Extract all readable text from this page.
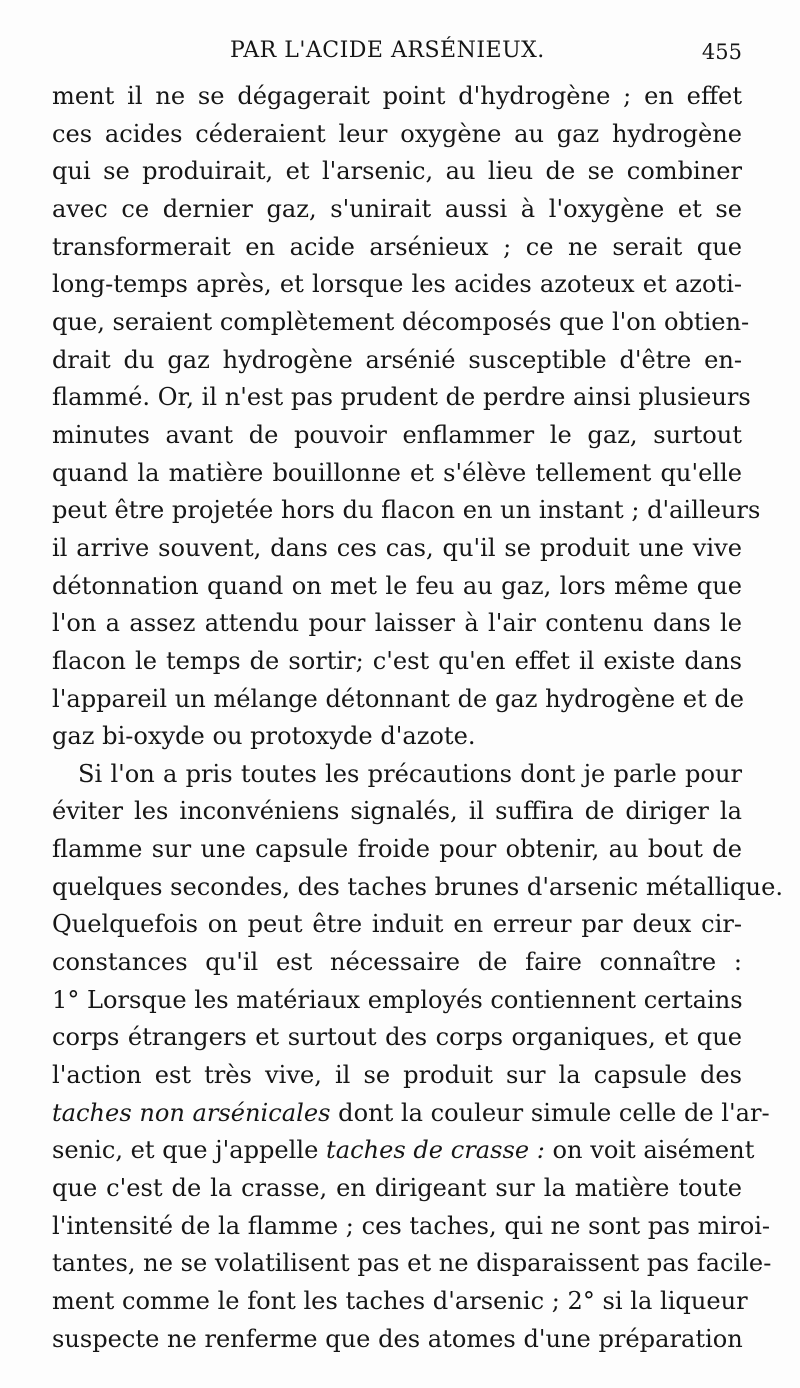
PAR L'ACIDE ARSÉNIEUX.	455
ment il ne se dégagerait point d'hydrogène ; en effet
ces acides céderaient leur oxygène au gaz hydrogène
qui se produirait, et l'arsenic, au lieu de se combiner
avec ce dernier gaz, s'unirait aussi à l'oxygène et se
transformerait en acide arsénieux ; ce ne serait que
long-temps après, et lorsque les acides azoteux et azoti-
que, seraient complètement décomposés que l'on obtien-
drait du gaz hydrogène arsénié susceptible d'être en-
flammé. Or, il n'est pas prudent de perdre ainsi plusieurs
minutes avant de pouvoir enflammer le gaz, surtout
quand la matière bouillonne et s'élève tellement qu'elle
peut être projetée hors du flacon en un instant ; d'ailleurs
il arrive souvent, dans ces cas, qu'il se produit une vive
détonnation quand on met le feu au gaz, lors même que
l'on a assez attendu pour laisser à l'air contenu dans le
flacon le temps de sortir; c'est qu'en effet il existe dans
l'appareil un mélange détonnant de gaz hydrogène et de
gaz bi-oxyde ou protoxyde d'azote.
Si l'on a pris toutes les précautions dont je parle pour
éviter les inconvéniens signalés, il suffira de diriger la
flamme sur une capsule froide pour obtenir, au bout de
quelques secondes, des taches brunes d'arsenic métallique.
Quelquefois on peut être induit en erreur par deux cir-
constances qu'il est nécessaire de faire connaître :
1° Lorsque les matériaux employés contiennent certains
corps étrangers et surtout des corps organiques, et que
l'action est très vive, il se produit sur la capsule des
taches non arsénicales dont la couleur simule celle de l'ar-
senic, et que j'appelle taches de crasse : on voit aisément
que c'est de la crasse, en dirigeant sur la matière toute
l'intensité de la flamme ; ces taches, qui ne sont pas miroi-
tantes, ne se volatilisent pas et ne disparaissent pas facile-
ment comme le font les taches d'arsenic ; 2° si la liqueur
suspecte ne renferme que des atomes d'une préparation
